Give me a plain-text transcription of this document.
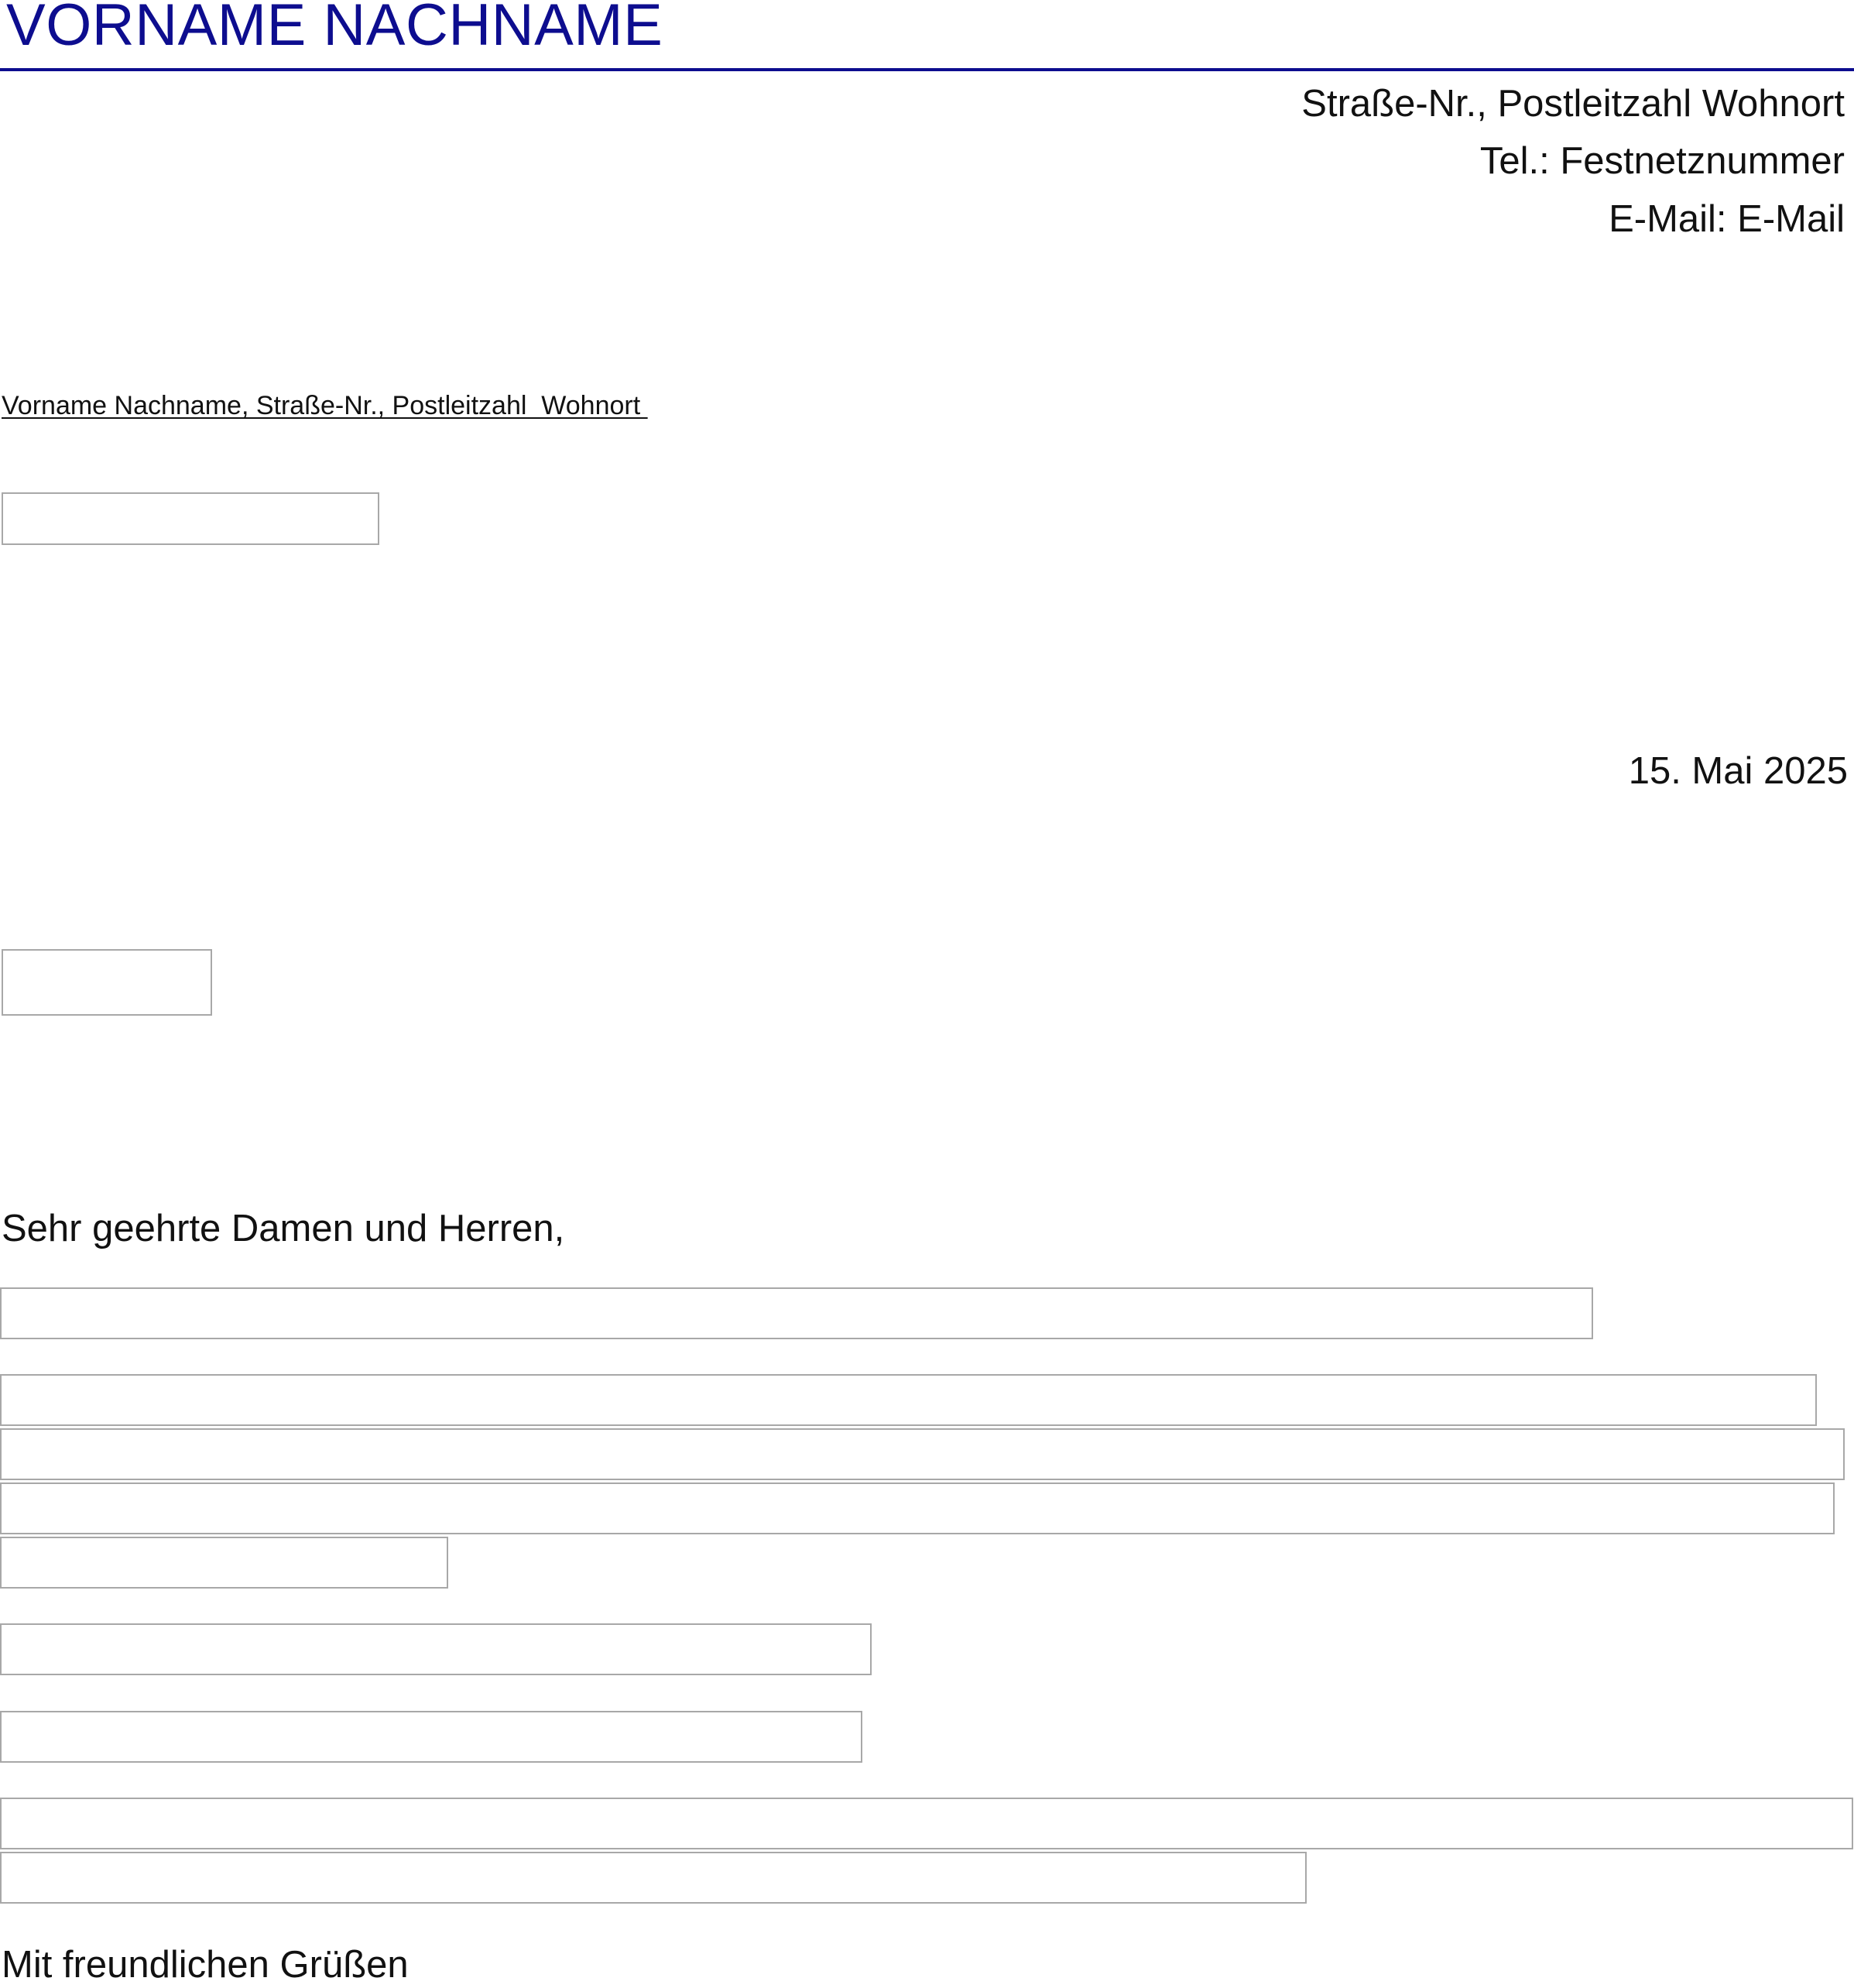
VORNAME NACHNAME
Straße-Nr., Postleitzahl Wohnort
Tel.: Festnetznummer
E-Mail: E-Mail
Vorname Nachname, Straße-Nr., Postleitzahl  Wohnort
15. Mai 2025
Sehr geehrte Damen und Herren,
Mit freundlichen Grüßen
